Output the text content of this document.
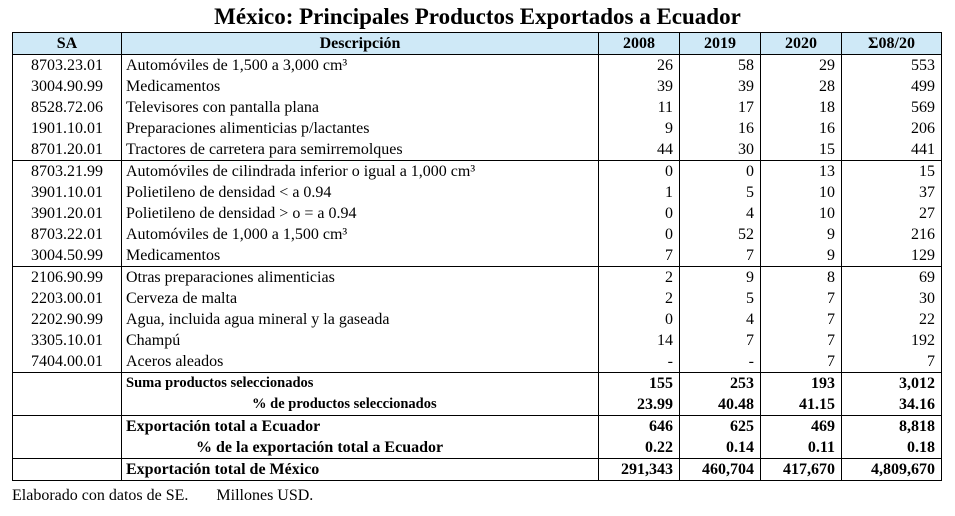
México: Principales Productos Exportados a Ecuador
SA	Descripción	2008	2019	2020	Σ08/20
8703.23.01	Automóviles de 1,500 a 3,000 cm³	26	58	29	553
3004.90.99	Medicamentos	39	39	28	499
8528.72.06	Televisores con pantalla plana	11	17	18	569
1901.10.01	Preparaciones alimenticias p/lactantes	9	16	16	206
8701.20.01	Tractores de carretera para semirremolques	44	30	15	441
8703.21.99	Automóviles de cilindrada inferior o igual a 1,000 cm³	0	0	13	15
3901.10.01	Polietileno de densidad < a 0.94	1	5	10	37
3901.20.01	Polietileno de densidad > o = a 0.94	0	4	10	27
8703.22.01	Automóviles de 1,000 a 1,500 cm³	0	52	9	216
3004.50.99	Medicamentos	7	7	9	129
2106.90.99	Otras preparaciones alimenticias	2	9	8	69
2203.00.01	Cerveza de malta	2	5	7	30
2202.90.99	Agua, incluida agua mineral y la gaseada	0	4	7	22
3305.10.01	Champú	14	7	7	192
7404.00.01	Aceros aleados	-	-	7	7
	Suma productos seleccionados	155	253	193	3,012
	% de productos seleccionados	23.99	40.48	41.15	34.16
	Exportación total a Ecuador	646	625	469	8,818
	% de la exportación total a Ecuador	0.22	0.14	0.11	0.18
	Exportación total de México	291,343	460,704	417,670	4,809,670
Elaborado con datos de SE. Millones USD.
